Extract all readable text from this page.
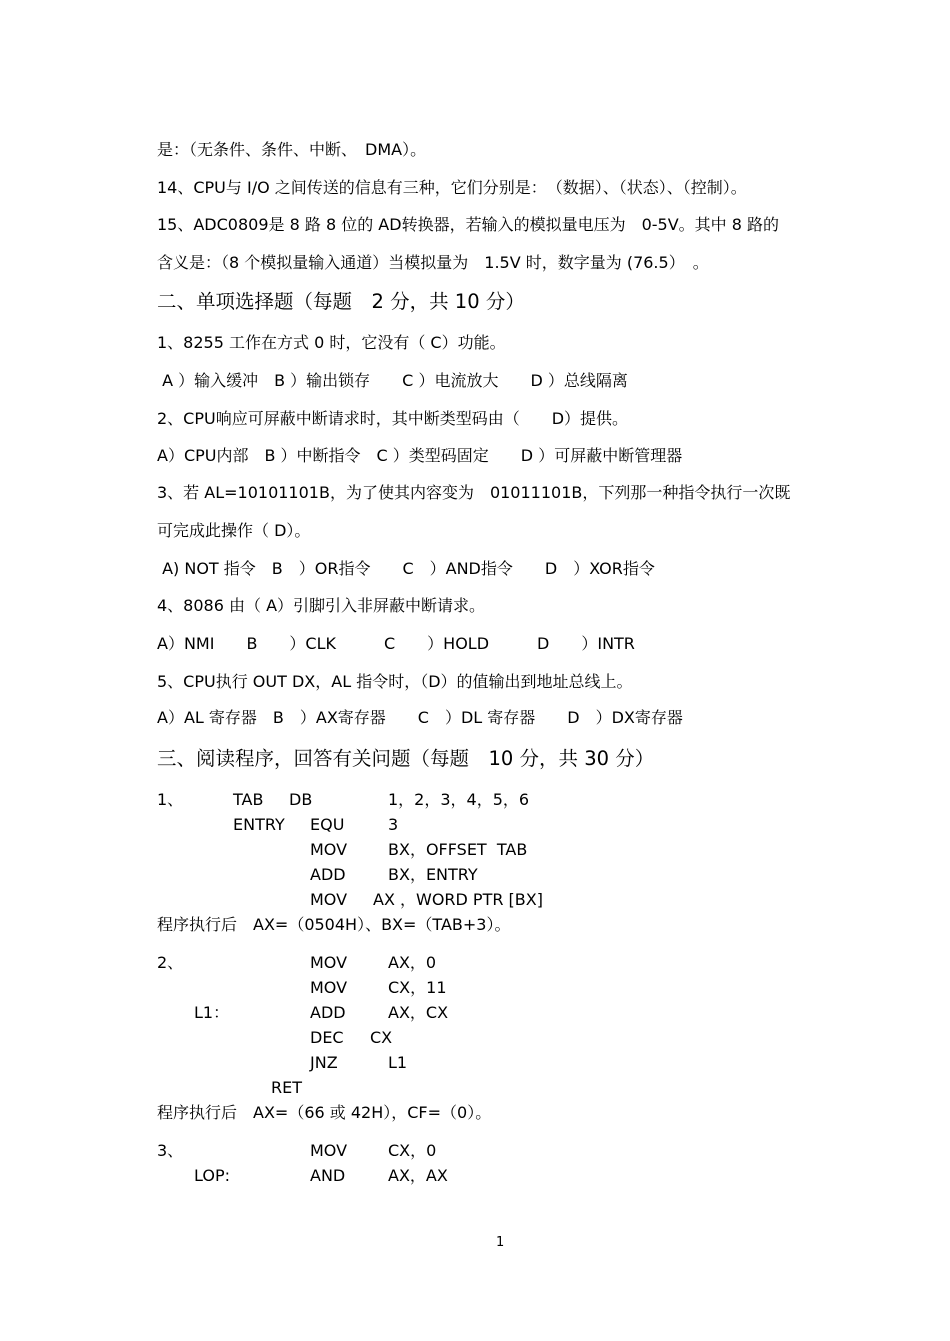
是：（无条件、条件、中断、　DMA）。
14、CPU与 I/O 之间传送的信息有三种，它们分别是：　（数据）、（状态）、（控制）。
15、ADC0809是 8 路 8 位的 AD转换器，若输入的模拟量电压为　0-5V。其中 8 路的
含义是：（8 个模拟量输入通道）当模拟量为　1.5V 时，数字量为 (76.5）　。
二、单项选择题（每题　2 分，共 10 分）
1、8255 工作在方式 0 时，它没有（ C）功能。
A ）输入缓冲　B ）输出锁存　　C ）电流放大　　D ）总线隔离
2、CPU响应可屏蔽中断请求时，其中断类型码由（　　D）提供。
A）CPU内部　B ）中断指令　C ）类型码固定　　D ）可屏蔽中断管理器
3、若 AL=10101101B，为了使其内容变为　01011101B，下列那一种指令执行一次既
可完成此操作（ D）。
A) NOT 指令　B　）OR指令　　C　）AND指令　　D　）XOR指令
4、8086 由（ A）引脚引入非屏蔽中断请求。
A）NMI　　B　　）CLK　　　C　　）HOLD　　　D　　）INTR
5、CPU执行 OUT DX，AL 指令时，（D）的值输出到地址总线上。
A）AL 寄存器　B　）AX寄存器　　C　）DL 寄存器　　D　）DX寄存器
三、阅读程序，回答有关问题（每题　10 分，共 30 分）
1、	TAB DB	1，2，3，4，5，6
ENTRY EQU	3
MOV	BX，OFFSET  TAB
ADD	BX，ENTRY
MOV AX ，WORD PTR [BX]
程序执行后　AX=（0504H）、BX=（TAB+3）。
2、	MOV	AX，0
MOV	CX，11
L1：	ADD	AX，CX
DEC CX
JNZ	L1
RET
程序执行后　AX=（66 或 42H），CF=（0）。
3、	MOV	CX，0
LOP:	AND	AX，AX
1
